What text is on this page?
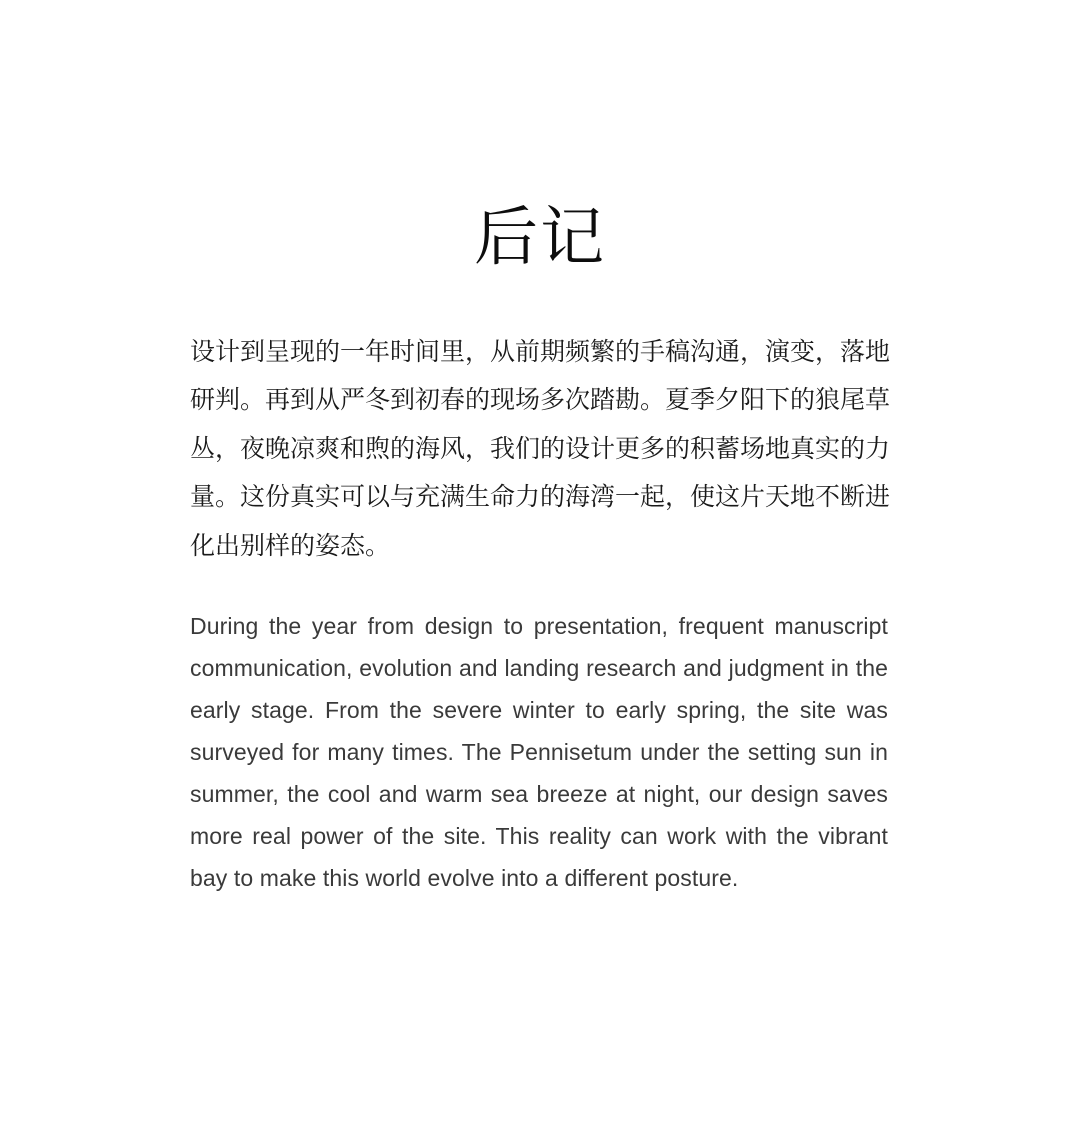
后记

设计到呈现的一年时间里，从前期频繁的手稿沟通，演变，落地研判。再到从严冬到初春的现场多次踏勘。夏季夕阳下的狼尾草丛，夜晚凉爽和煦的海风，我们的设计更多的积蓄场地真实的力量。这份真实可以与充满生命力的海湾一起，使这片天地不断进化出别样的姿态。

During the year from design to presentation, frequent manuscript communication, evolution and landing research and judgment in the early stage. From the severe winter to early spring, the site was surveyed for many times. The Pennisetum under the setting sun in summer, the cool and warm sea breeze at night, our design saves more real power of the site. This reality can work with the vibrant bay to make this world evolve into a different posture.
